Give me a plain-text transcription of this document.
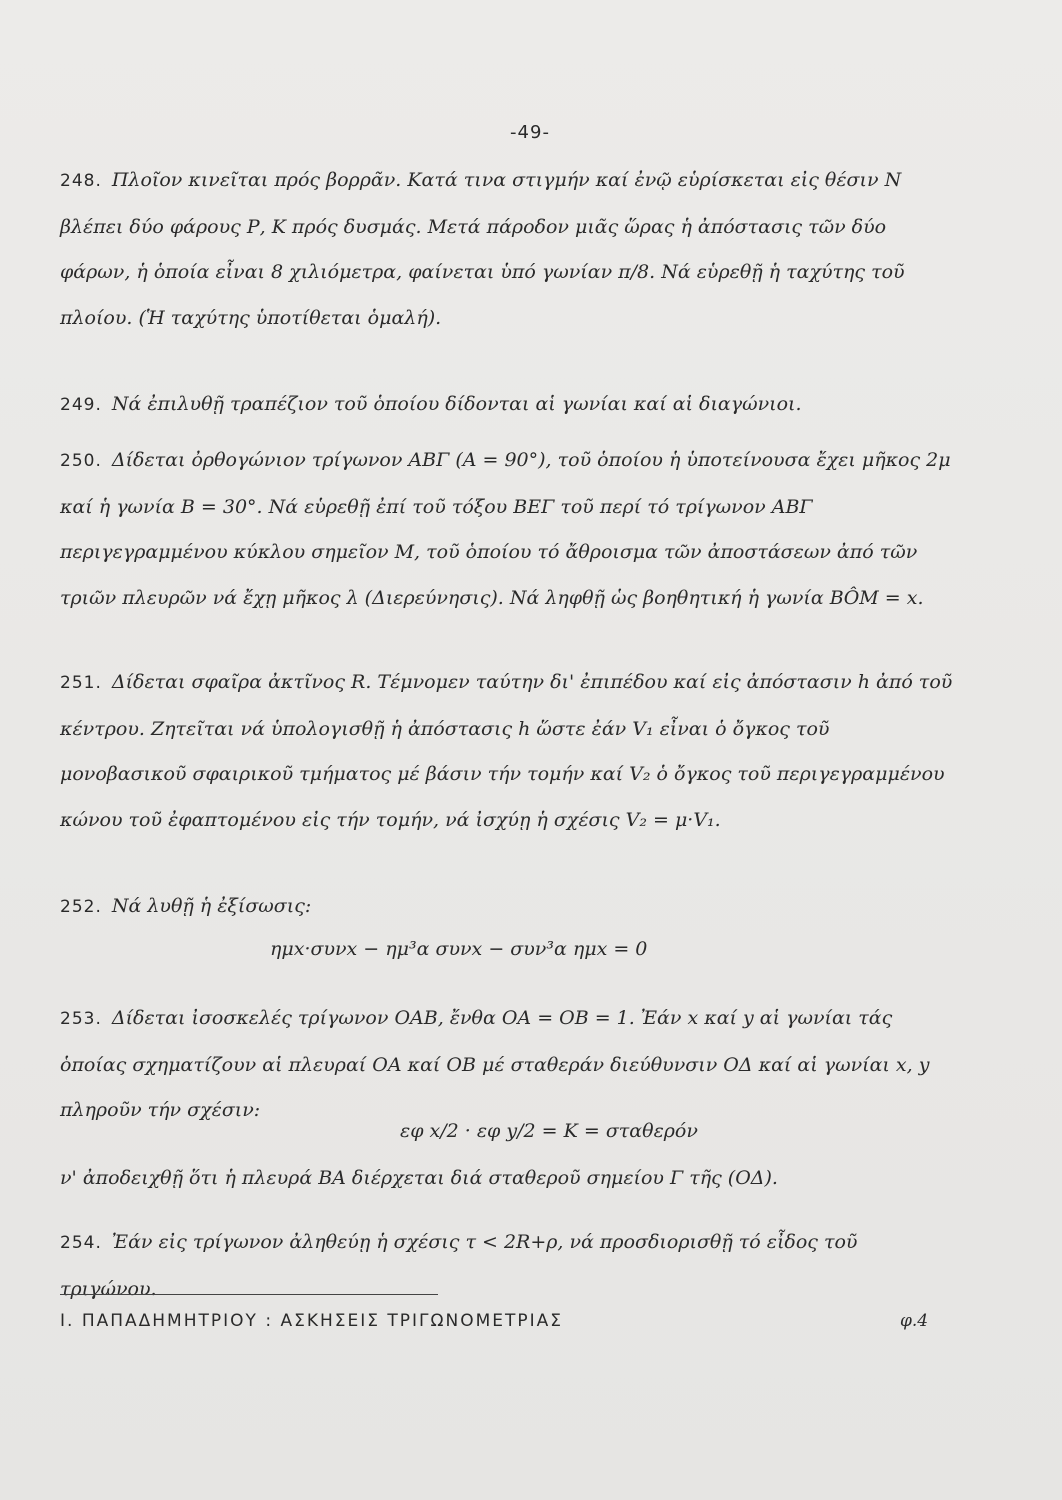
-49-
248. Πλοῖον κινεῖται πρός βορρᾶν. Κατά τινα στιγμήν καί ἐνῷ εὑρίσκεται εἰς θέσιν Ν βλέπει δύο φάρους Ρ, Κ πρός δυσμάς. Μετά πάροδον μιᾶς ὥρας ἡ ἀπόστασις τῶν δύο φάρων, ἡ ὁποία εἶναι 8 χιλιόμετρα, φαίνεται ὑπό γωνίαν π/8. Νά εὑρεθῇ ἡ ταχύτης τοῦ πλοίου. (Ἡ ταχύτης ὑποτίθεται ὁμαλή).
249. Νά ἐπιλυθῇ τραπέζιον τοῦ ὁποίου δίδονται αἱ γωνίαι καί αἱ διαγώνιοι.
250. Δίδεται ὀρθογώνιον τρίγωνον ΑΒΓ (Α = 90°), τοῦ ὁποίου ἡ ὑποτείνουσα ἔχει μῆκος 2μ καί ἡ γωνία Β = 30°. Νά εὑρεθῇ ἐπί τοῦ τόξου ΒΕΓ τοῦ περί τό τρίγωνον ΑΒΓ περιγεγραμμένου κύκλου σημεῖον Μ, τοῦ ὁποίου τό ἄθροισμα τῶν ἀποστάσεων ἀπό τῶν τριῶν πλευρῶν νά ἔχῃ μῆκος λ (Διερεύνησις). Νά ληφθῇ ὡς βοηθητική ἡ γωνία ΒÔΜ = x.
251. Δίδεται σφαῖρα ἀκτῖνος R. Τέμνομεν ταύτην δι' ἐπιπέδου καί εἰς ἀπόστασιν h ἀπό τοῦ κέντρου. Ζητεῖται νά ὑπολογισθῇ ἡ ἀπόστασις h ὥστε ἐάν V₁ εἶναι ὁ ὄγκος τοῦ μονοβασικοῦ σφαιρικοῦ τμήματος μέ βάσιν τήν τομήν καί V₂ ὁ ὄγκος τοῦ περιγεγραμμένου κώνου τοῦ ἐφαπτομένου εἰς τήν τομήν, νά ἰσχύῃ ἡ σχέσις V₂ = μ·V₁.
252. Νά λυθῇ ἡ ἐξίσωσις:
ημx·συνx − ημ³α συνx − συν³α ημx = 0
253. Δίδεται ἰσοσκελές τρίγωνον ΟΑΒ, ἔνθα ΟΑ = ΟΒ = 1. Ἐάν x καί y αἱ γωνίαι τάς ὁποίας σχηματίζουν αἱ πλευραί ΟΑ καί ΟΒ μέ σταθεράν διεύθυνσιν ΟΔ καί αἱ γωνίαι x, y πληροῦν τήν σχέσιν:
εφ x/2 · εφ y/2 = K = σταθερόν
ν' ἀποδειχθῇ ὅτι ἡ πλευρά ΒΑ διέρχεται διά σταθεροῦ σημείου Γ τῆς (ΟΔ).
254. Ἐάν εἰς τρίγωνον ἀληθεύῃ ἡ σχέσις τ < 2R+ρ, νά προσδιορισθῇ τό εἶδος τοῦ τριγώνου.
Ι. ΠΑΠΑΔΗΜΗΤΡΙΟΥ : ΑΣΚΗΣΕΙΣ ΤΡΙΓΩΝΟΜΕΤΡΙΑΣ	φ.4
